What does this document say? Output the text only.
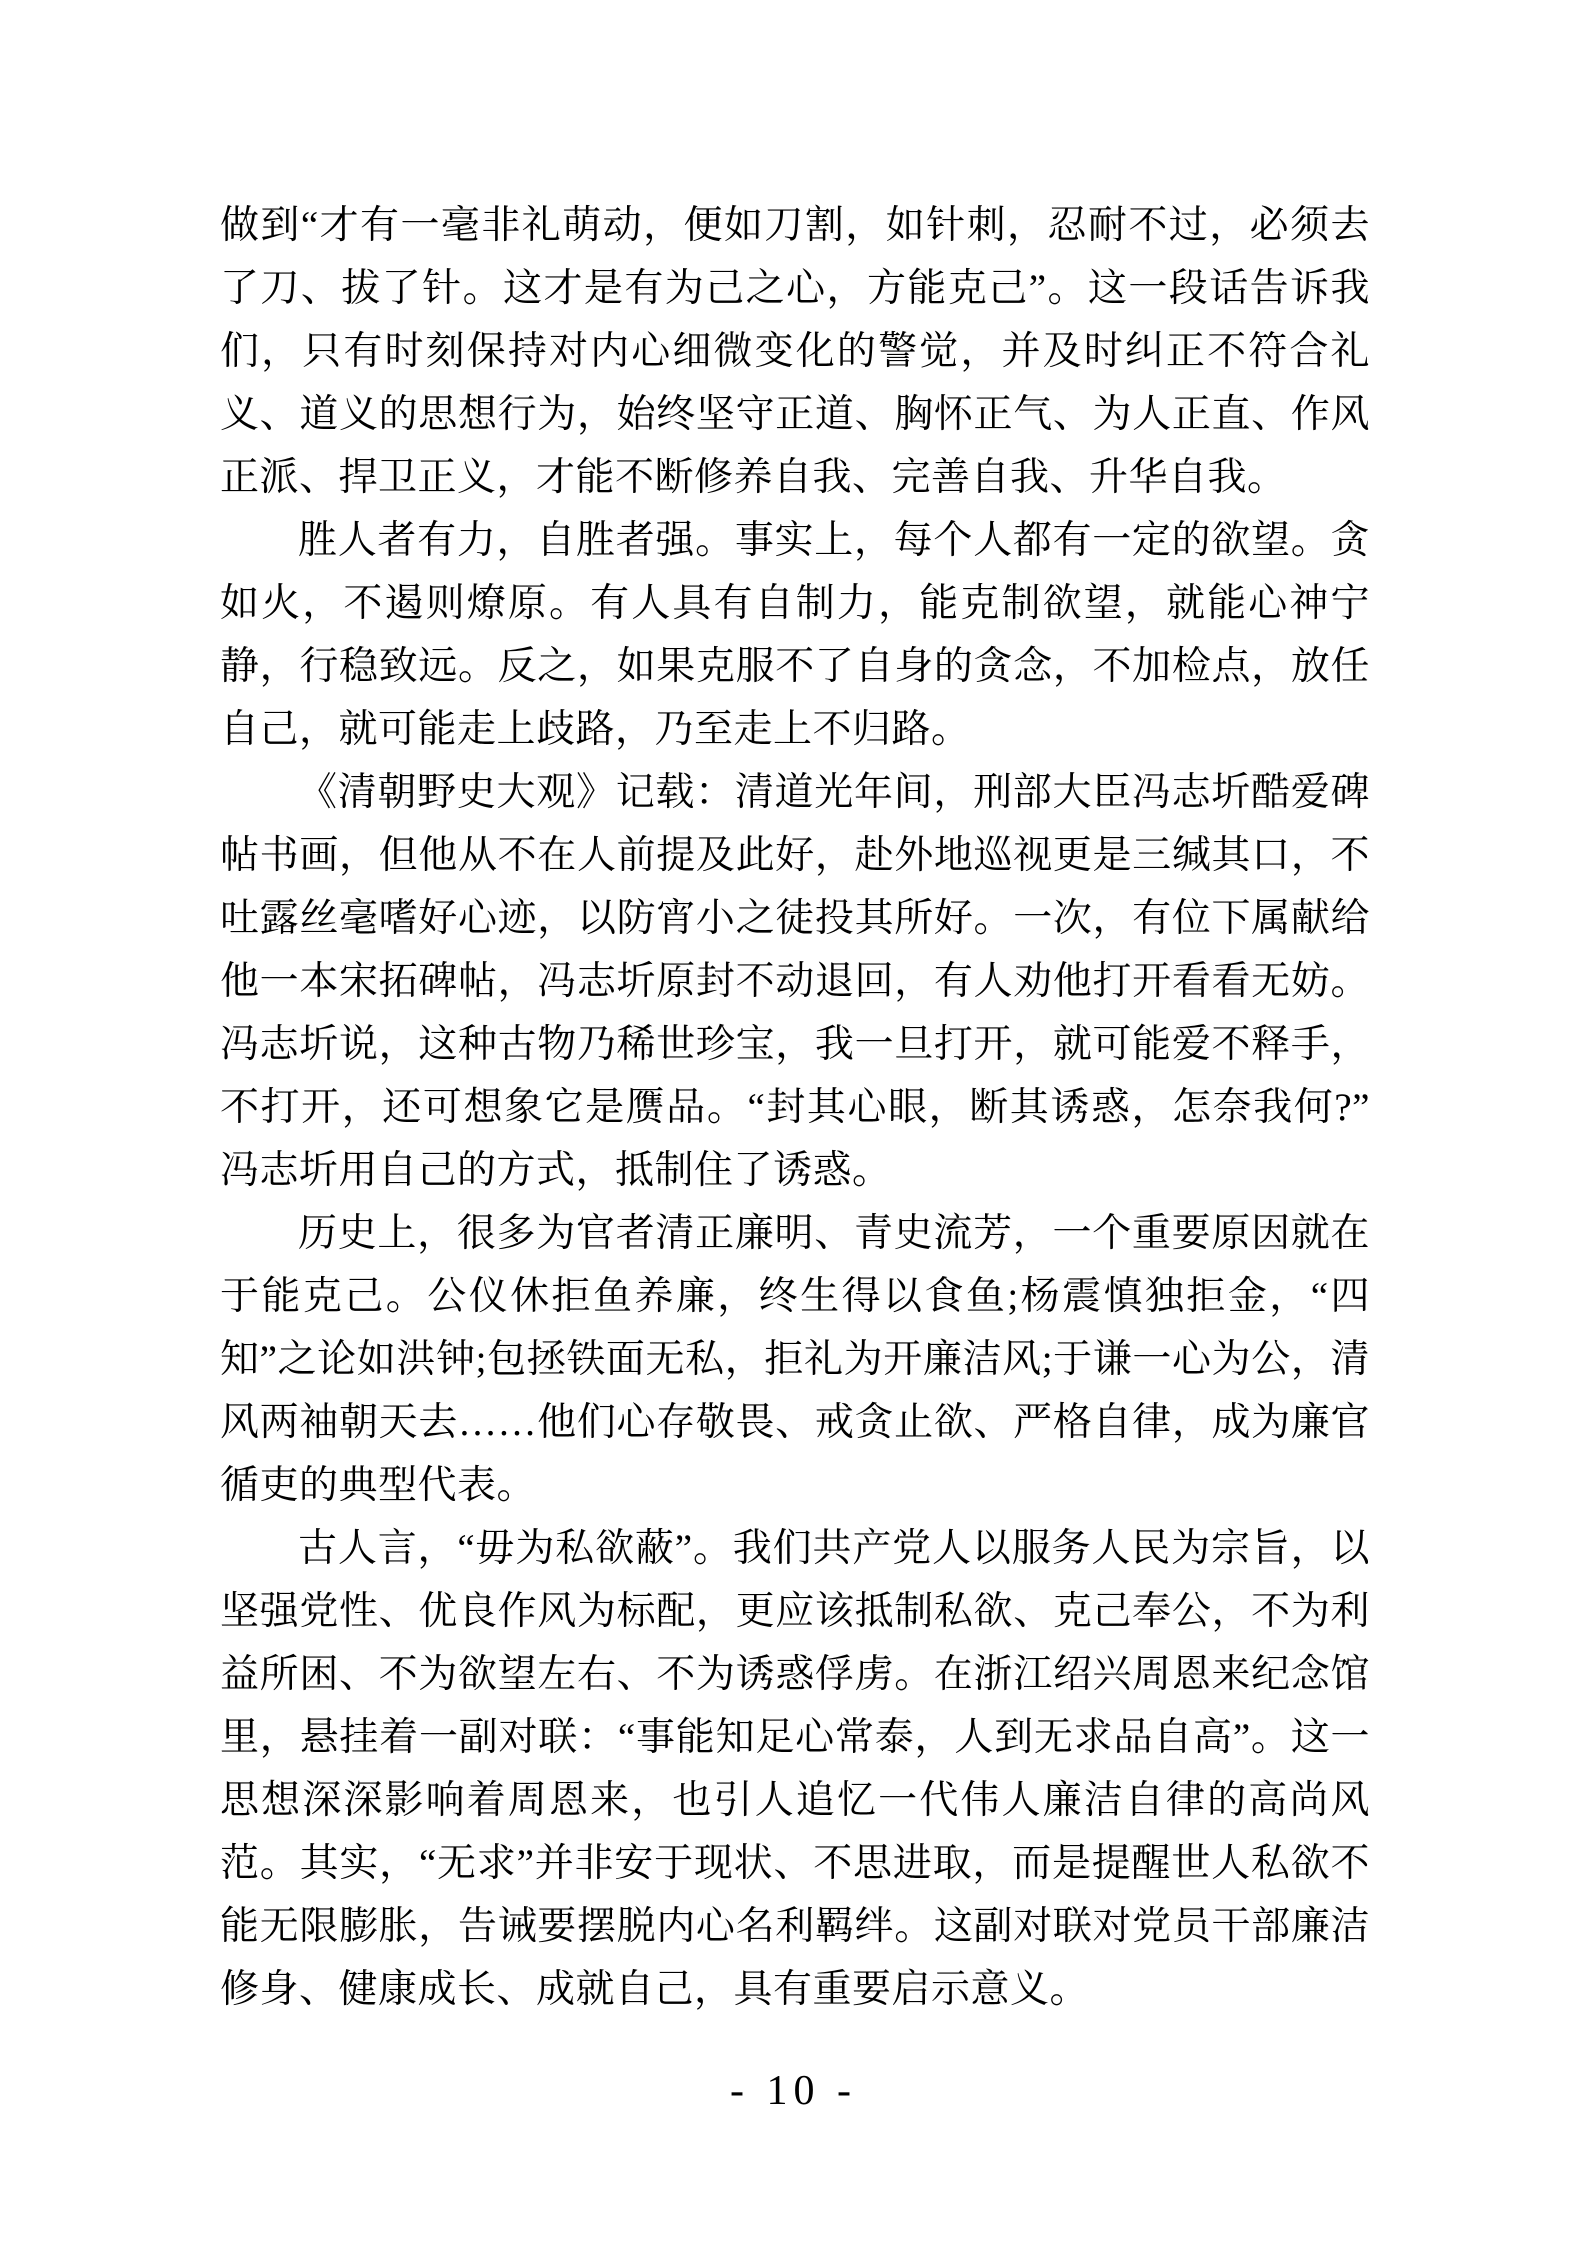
做到“才有一毫非礼萌动，便如刀割，如针刺，忍耐不过，必须去了刀、拔了针。这才是有为己之心，方能克己”。这一段话告诉我们，只有时刻保持对内心细微变化的警觉，并及时纠正不符合礼义、道义的思想行为，始终坚守正道、胸怀正气、为人正直、作风正派、捍卫正义，才能不断修养自我、完善自我、升华自我。

胜人者有力，自胜者强。事实上，每个人都有一定的欲望。贪如火，不遏则燎原。有人具有自制力，能克制欲望，就能心神宁静，行稳致远。反之，如果克服不了自身的贪念，不加检点，放任自己，就可能走上歧路，乃至走上不归路。

《清朝野史大观》记载：清道光年间，刑部大臣冯志圻酷爱碑帖书画，但他从不在人前提及此好，赴外地巡视更是三缄其口，不吐露丝毫嗜好心迹，以防宵小之徒投其所好。一次，有位下属献给他一本宋拓碑帖，冯志圻原封不动退回，有人劝他打开看看无妨。冯志圻说，这种古物乃稀世珍宝，我一旦打开，就可能爱不释手，不打开，还可想象它是赝品。“封其心眼，断其诱惑，怎奈我何?”冯志圻用自己的方式，抵制住了诱惑。

历史上，很多为官者清正廉明、青史流芳，一个重要原因就在于能克己。公仪休拒鱼养廉，终生得以食鱼;杨震慎独拒金，“四知”之论如洪钟;包拯铁面无私，拒礼为开廉洁风;于谦一心为公，清风两袖朝天去……他们心存敬畏、戒贪止欲、严格自律，成为廉官循吏的典型代表。

古人言，“毋为私欲蔽”。我们共产党人以服务人民为宗旨，以坚强党性、优良作风为标配，更应该抵制私欲、克己奉公，不为利益所困、不为欲望左右、不为诱惑俘虏。在浙江绍兴周恩来纪念馆里，悬挂着一副对联：“事能知足心常泰，人到无求品自高”。这一思想深深影响着周恩来，也引人追忆一代伟人廉洁自律的高尚风范。其实，“无求”并非安于现状、不思进取，而是提醒世人私欲不能无限膨胀，告诫要摆脱内心名利羁绊。这副对联对党员干部廉洁修身、健康成长、成就自己，具有重要启示意义。

- 10 -
